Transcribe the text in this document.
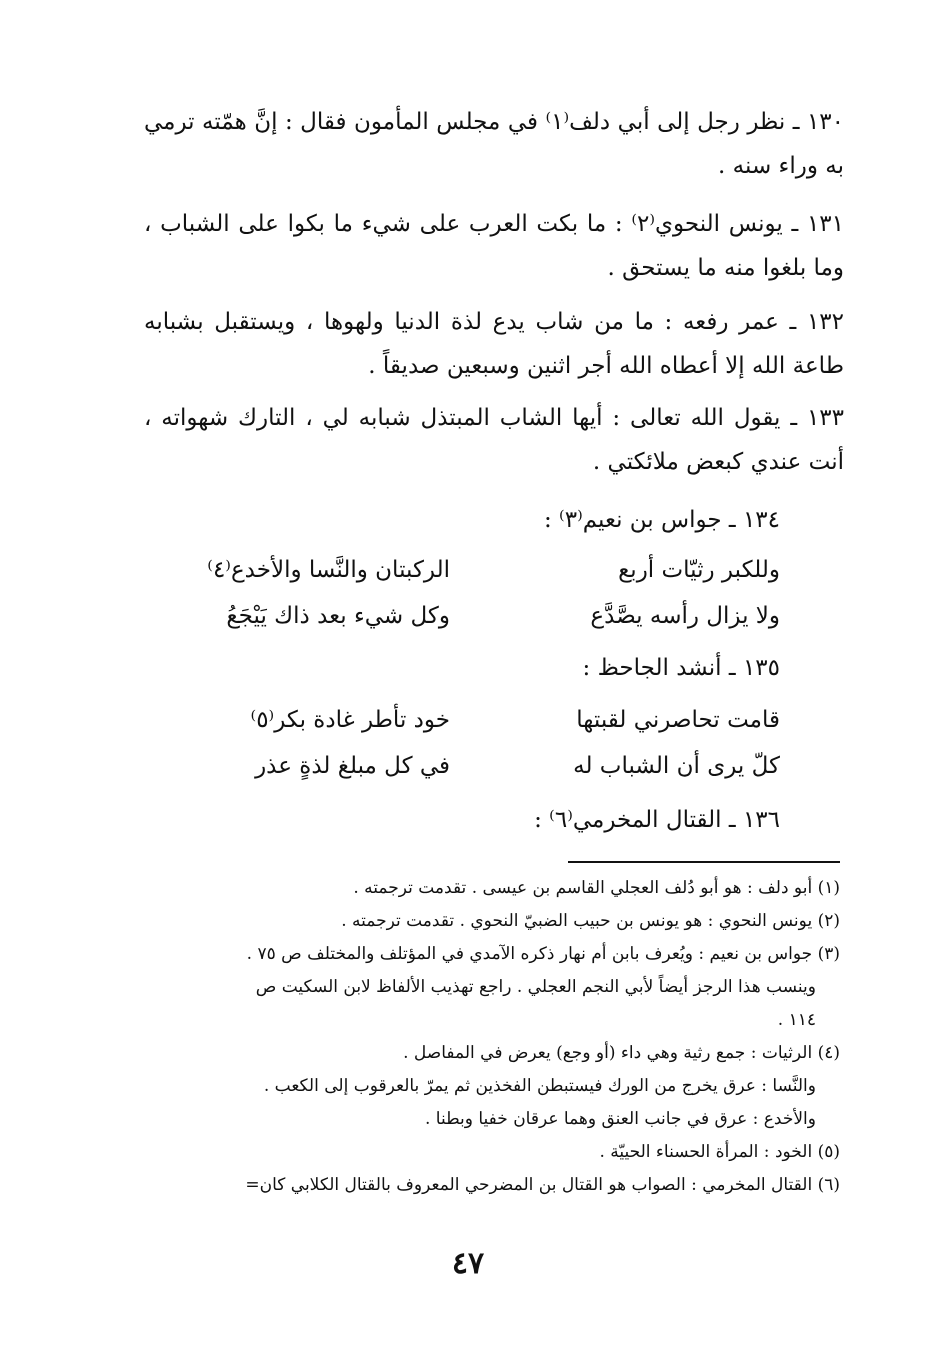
١٣٠ ـ نظر رجل إلى أبي دلف⁽١⁾ في مجلس المأمون فقال : إنَّ همّته ترمي به وراء سنه .
١٣١ ـ يونس النحوي⁽٢⁾ : ما بكت العرب على شيء ما بكوا على الشباب ، وما بلغوا منه ما يستحق .
١٣٢ ـ عمر رفعه : ما من شاب يدع لذة الدنيا ولهوها ، ويستقبل بشبابه طاعة الله إلا أعطاه الله أجر اثنين وسبعين صديقاً .
١٣٣ ـ يقول الله تعالى : أيها الشاب المبتذل شبابه لي ، التارك شهواته ، أنت عندي كبعض ملائكتي .
١٣٤ ـ جواس بن نعيم⁽٣⁾ :
وللكبر رثيّات أربع
الركبتان والنَّسا والأخدع⁽٤⁾
ولا يزال رأسه يصَّدَّع
وكل شيء بعد ذاك يَيْجَعُ
١٣٥ ـ أنشد الجاحظ :
قامت تحاصرني لقبتها
خود تأطر غادة بكر⁽٥⁾
كلّ يرى أن الشباب له
في كل مبلغ لذةٍ عذر
١٣٦ ـ القتال المخرمي⁽٦⁾ :
(١) أبو دلف : هو أبو دُلف العجلي القاسم بن عيسى . تقدمت ترجمته .
(٢) يونس النحوي : هو يونس بن حبيب الضبيّ النحوي . تقدمت ترجمته .
(٣) جواس بن نعيم : ويُعرف بابن أم نهار ذكره الآمدي في المؤتلف والمختلف ص ٧٥ .
وينسب هذا الرجز أيضاً لأبي النجم العجلي . راجع تهذيب الألفاظ لابن السكيت ص
١١٤ .
(٤) الرثيات : جمع رثية وهي داء (أو وجع) يعرض في المفاصل .
والنَّسا : عرق يخرج من الورك فيستبطن الفخذين ثم يمرّ بالعرقوب إلى الكعب .
والأخدع : عرق في جانب العنق وهما عرقان خفيا وبطنا .
(٥) الخود : المرأة الحسناء الحييّة .
(٦) القتال المخرمي : الصواب هو القتال بن المضرحي المعروف بالقتال الكلابي كان=
٤٧
